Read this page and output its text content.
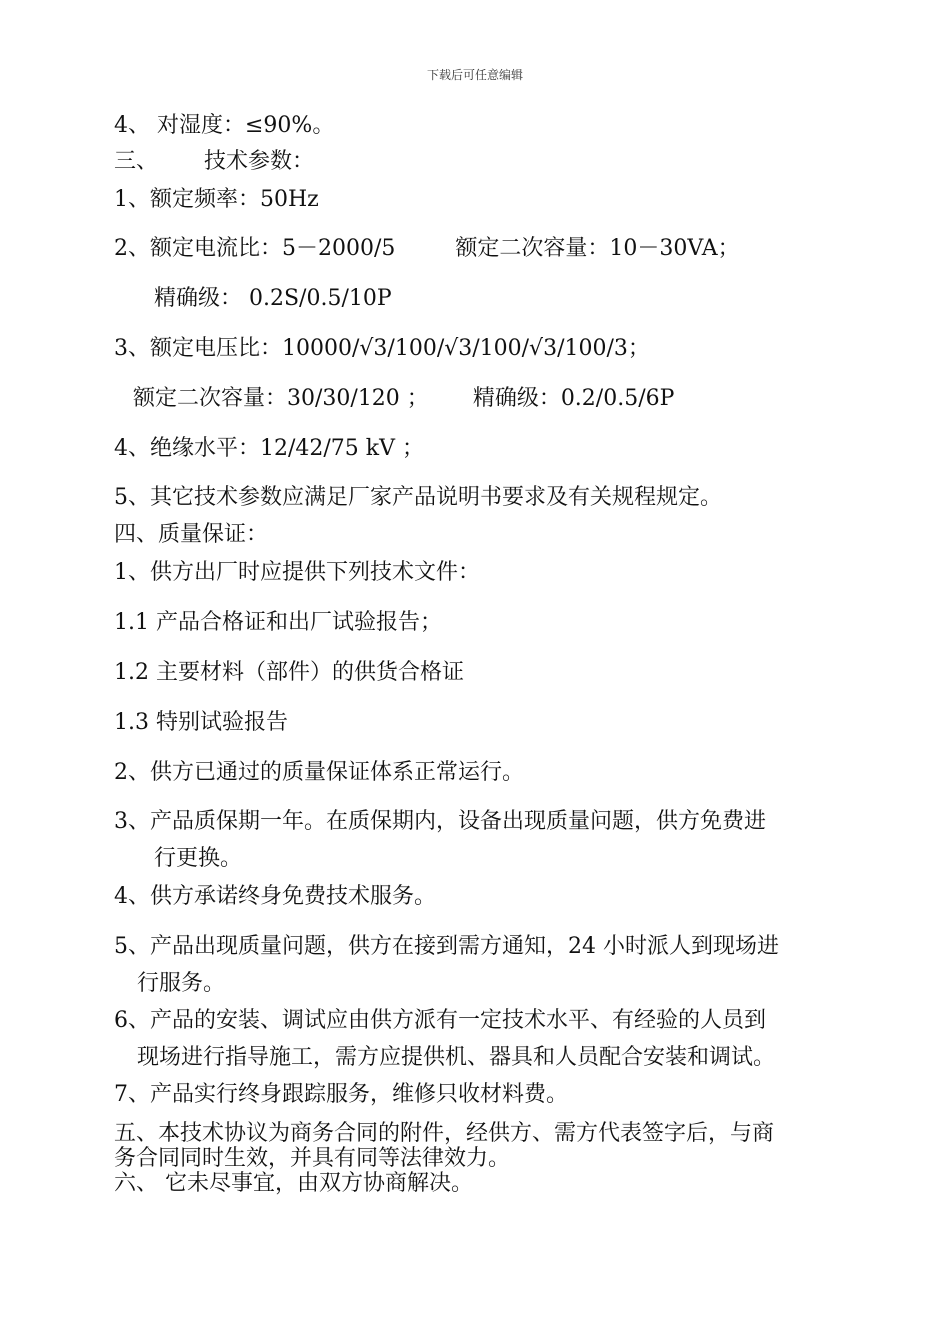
下载后可任意编辑
4、 对湿度：≤90%。
三、 技术参数：
1、额定频率：50Hz
2、额定电流比：5－2000/5	额定二次容量：10－30VA；
精确级： 0.2S/0.5/10P
3、额定电压比：10000/√3/100/√3/100/√3/100/3；
额定二次容量：30/30/120 ； 精确级：0.2/0.5/6P
4、绝缘水平：12/42/75 kV ；
5、其它技术参数应满足厂家产品说明书要求及有关规程规定。
四、质量保证：
1、供方出厂时应提供下列技术文件：
1.1 产品合格证和出厂试验报告；
1.2 主要材料（部件）的供货合格证
1.3 特别试验报告
2、供方已通过的质量保证体系正常运行。
3、产品质保期一年。在质保期内，设备出现质量问题，供方免费进
行更换。
4、供方承诺终身免费技术服务。
5、产品出现质量问题，供方在接到需方通知，24 小时派人到现场进
行服务。
6、产品的安装、调试应由供方派有一定技术水平、有经验的人员到
现场进行指导施工，需方应提供机、器具和人员配合安装和调试。
7、产品实行终身跟踪服务，维修只收材料费。
五、本技术协议为商务合同的附件，经供方、需方代表签字后，与商
务合同同时生效，并具有同等法律效力。
六、 它未尽事宜，由双方协商解决。
